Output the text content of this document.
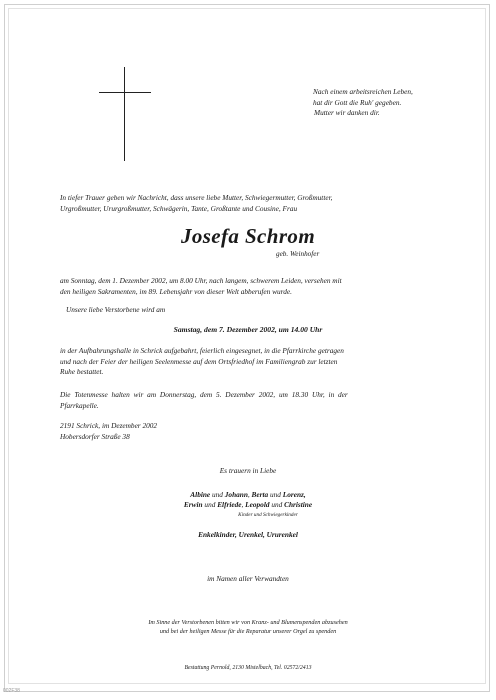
Nach einem arbeitsreichen Leben,
hat dir Gott die Ruh' gegeben.
Mutter wir danken dir.
In tiefer Trauer geben wir Nachricht, dass unsere liebe Mutter, Schwiegermutter, Großmutter,
Urgroßmutter, Ururgroßmutter, Schwägerin, Tante, Großtante und Cousine, Frau
Josefa Schrom
geb. Weinhofer
am Sonntag, dem 1. Dezember 2002, um 8.00 Uhr, nach langem, schwerem Leiden, versehen mit
den heiligen Sakramenten, im 89. Lebensjahr von dieser Welt abberufen wurde.
Unsere liebe Verstorbene wird am
Samstag, dem 7. Dezember 2002, um 14.00 Uhr
in der Aufbahrungshalle in Schrick aufgebahrt, feierlich eingesegnet, in die Pfarrkirche getragen
und nach der Feier der heiligen Seelenmesse auf dem Ortsfriedhof im Familiengrab zur letzten
Ruhe bestattet.
Die Totenmesse halten wir am Donnerstag, dem 5. Dezember 2002, um 18.30 Uhr, in der
Pfarrkapelle.
2191 Schrick, im Dezember 2002
Hobersdorfer Straße 38
Es trauern in Liebe
Albine und Johann, Berta und Lorenz,
Erwin und Elfriede, Leopold und Christine
Kinder und Schwiegerkinder
Enkelkinder, Urenkel, Ururenkel
im Namen aller Verwandten
Im Sinne der Verstorbenen bitten wir von Kranz- und Blumenspenden abzusehen
und bei der heiligen Messe für die Reparatur unserer Orgel zu spenden
Bestattung Pernold, 2130 Mistelbach, Tel. 02572/2413
002F38
